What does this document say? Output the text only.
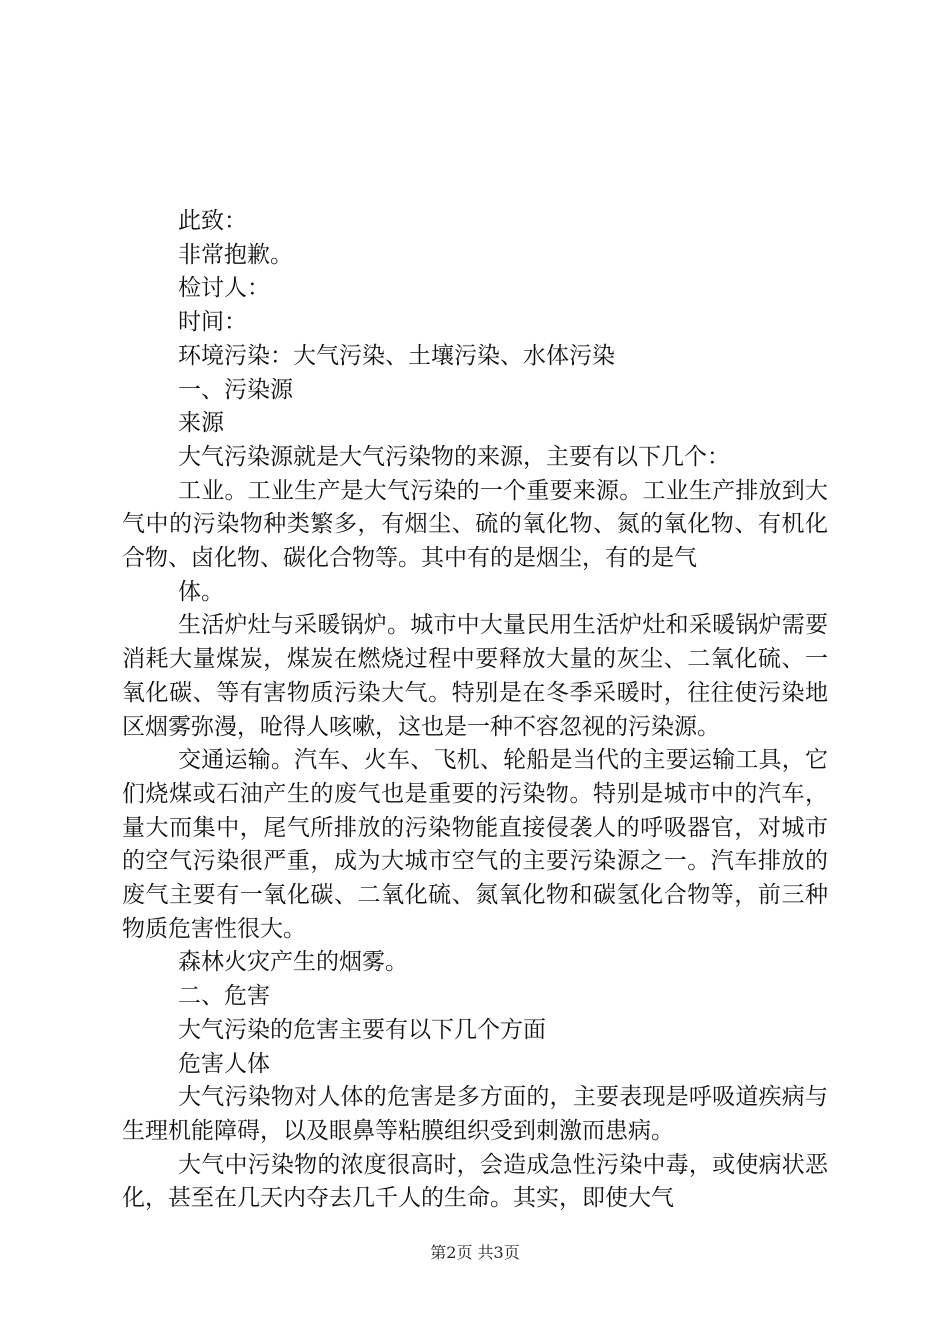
此致：
非常抱歉。
检讨人：
时间：
环境污染：大气污染、土壤污染、水体污染
一、污染源
来源
大气污染源就是大气污染物的来源，主要有以下几个：

工业。工业生产是大气污染的一个重要来源。工业生产排放到大气中的污染物种类繁多，有烟尘、硫的氧化物、氮的氧化物、有机化合物、卤化物、碳化合物等。其中有的是烟尘，有的是气

体。

生活炉灶与采暖锅炉。城市中大量民用生活炉灶和采暖锅炉需要消耗大量煤炭，煤炭在燃烧过程中要释放大量的灰尘、二氧化硫、一氧化碳、等有害物质污染大气。特别是在冬季采暖时，往往使污染地区烟雾弥漫，呛得人咳嗽，这也是一种不容忽视的污染源。

交通运输。汽车、火车、飞机、轮船是当代的主要运输工具，它们烧煤或石油产生的废气也是重要的污染物。特别是城市中的汽车，量大而集中，尾气所排放的污染物能直接侵袭人的呼吸器官，对城市的空气污染很严重，成为大城市空气的主要污染源之一。汽车排放的废气主要有一氧化碳、二氧化硫、氮氧化物和碳氢化合物等，前三种物质危害性很大。

森林火灾产生的烟雾。
二、危害
大气污染的危害主要有以下几个方面
危害人体

大气污染物对人体的危害是多方面的，主要表现是呼吸道疾病与生理机能障碍，以及眼鼻等粘膜组织受到刺激而患病。

大气中污染物的浓度很高时，会造成急性污染中毒，或使病状恶化，甚至在几天内夺去几千人的生命。其实，即使大气

第2页 共3页
